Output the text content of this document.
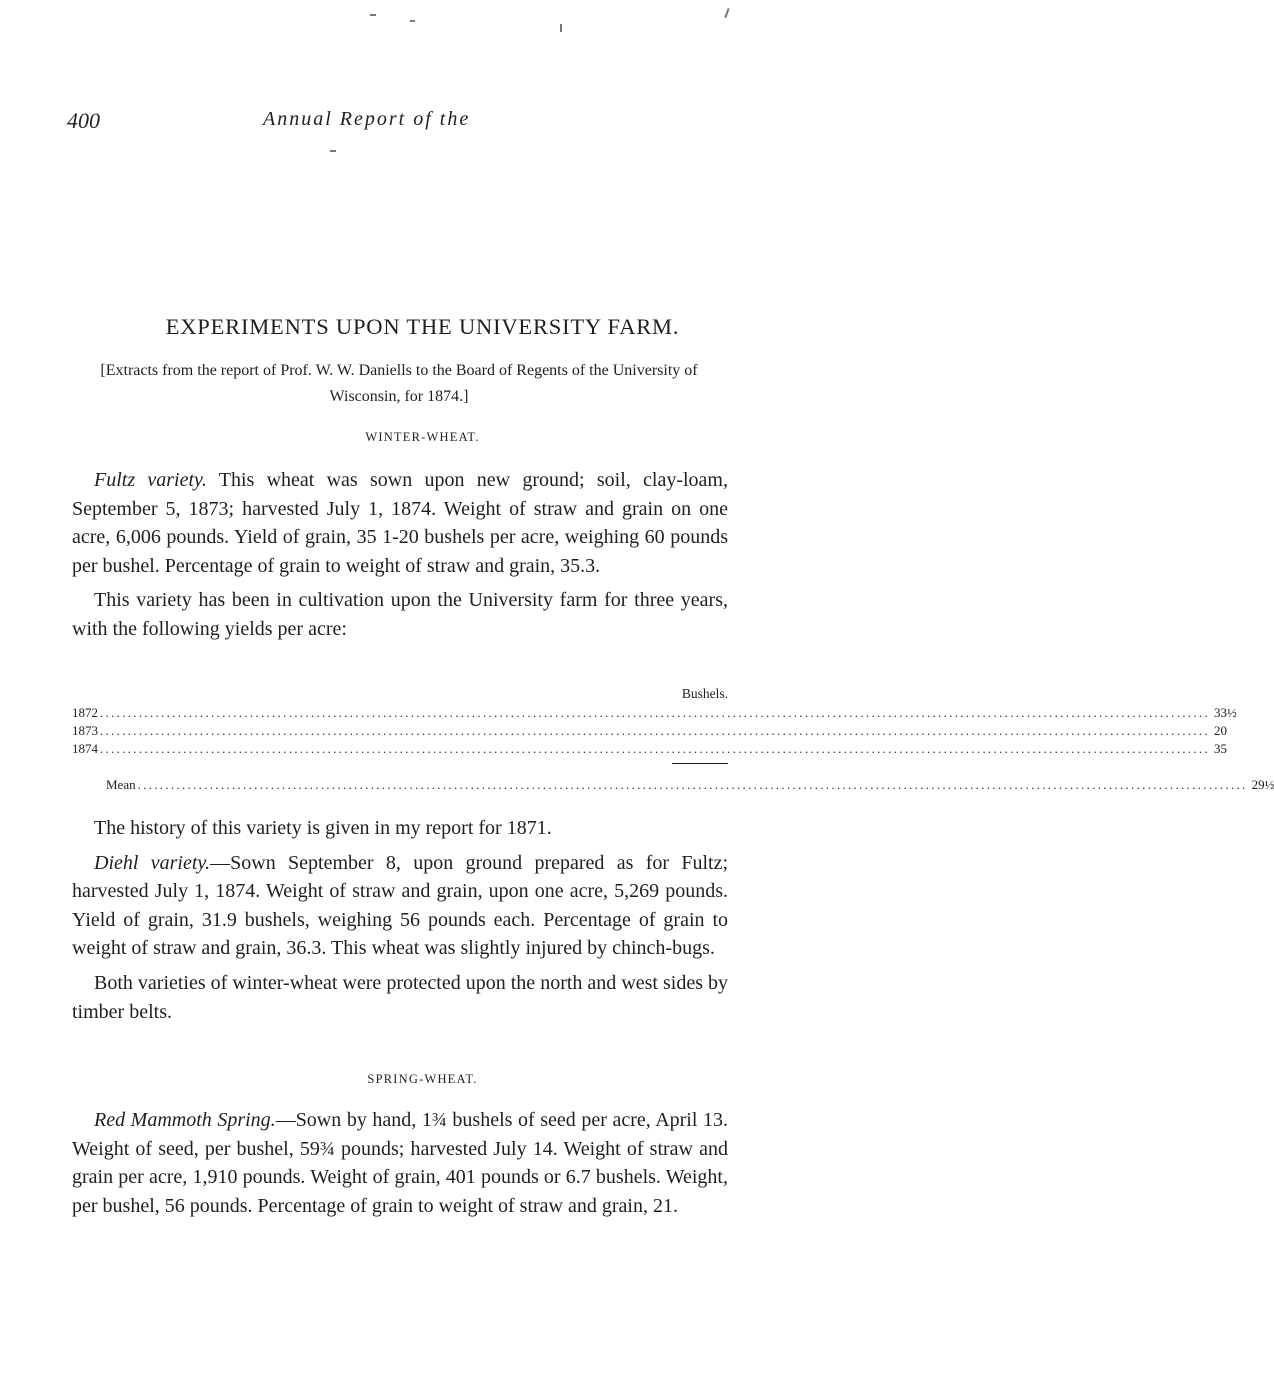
400	Annual Report of the
EXPERIMENTS UPON THE UNIVERSITY FARM.

[Extracts from the report of Prof. W. W. Daniells to the Board of Regents of the University of Wisconsin, for 1874.]

WINTER-WHEAT.

Fultz variety. This wheat was sown upon new ground; soil, clay-loam, September 5, 1873; harvested July 1, 1874. Weight of straw and grain on one acre, 6,006 pounds. Yield of grain, 35 1-20 bushels per acre, weighing 60 pounds per bushel. Percentage of grain to weight of straw and grain, 35.3.

This variety has been in cultivation upon the University farm for three years, with the following yields per acre:

Bushels.
1872 ........................................................................................................................................................................................................ 33½
1873 ........................................................................................................................................................................................................ 20
1874 ........................................................................................................................................................................................................ 35
Mean ........................................................................................................................................................................................................ 29½

The history of this variety is given in my report for 1871.

Diehl variety.—Sown September 8, upon ground prepared as for Fultz; harvested July 1, 1874. Weight of straw and grain, upon one acre, 5,269 pounds. Yield of grain, 31.9 bushels, weighing 56 pounds each. Percentage of grain to weight of straw and grain, 36.3. This wheat was slightly injured by chinch-bugs.

Both varieties of winter-wheat were protected upon the north and west sides by timber belts.

SPRING-WHEAT.

Red Mammoth Spring.—Sown by hand, 1¾ bushels of seed per acre, April 13. Weight of seed, per bushel, 59¾ pounds; harvested July 14. Weight of straw and grain per acre, 1,910 pounds. Weight of grain, 401 pounds or 6.7 bushels. Weight, per bushel, 56 pounds. Percentage of grain to weight of straw and grain, 21.
